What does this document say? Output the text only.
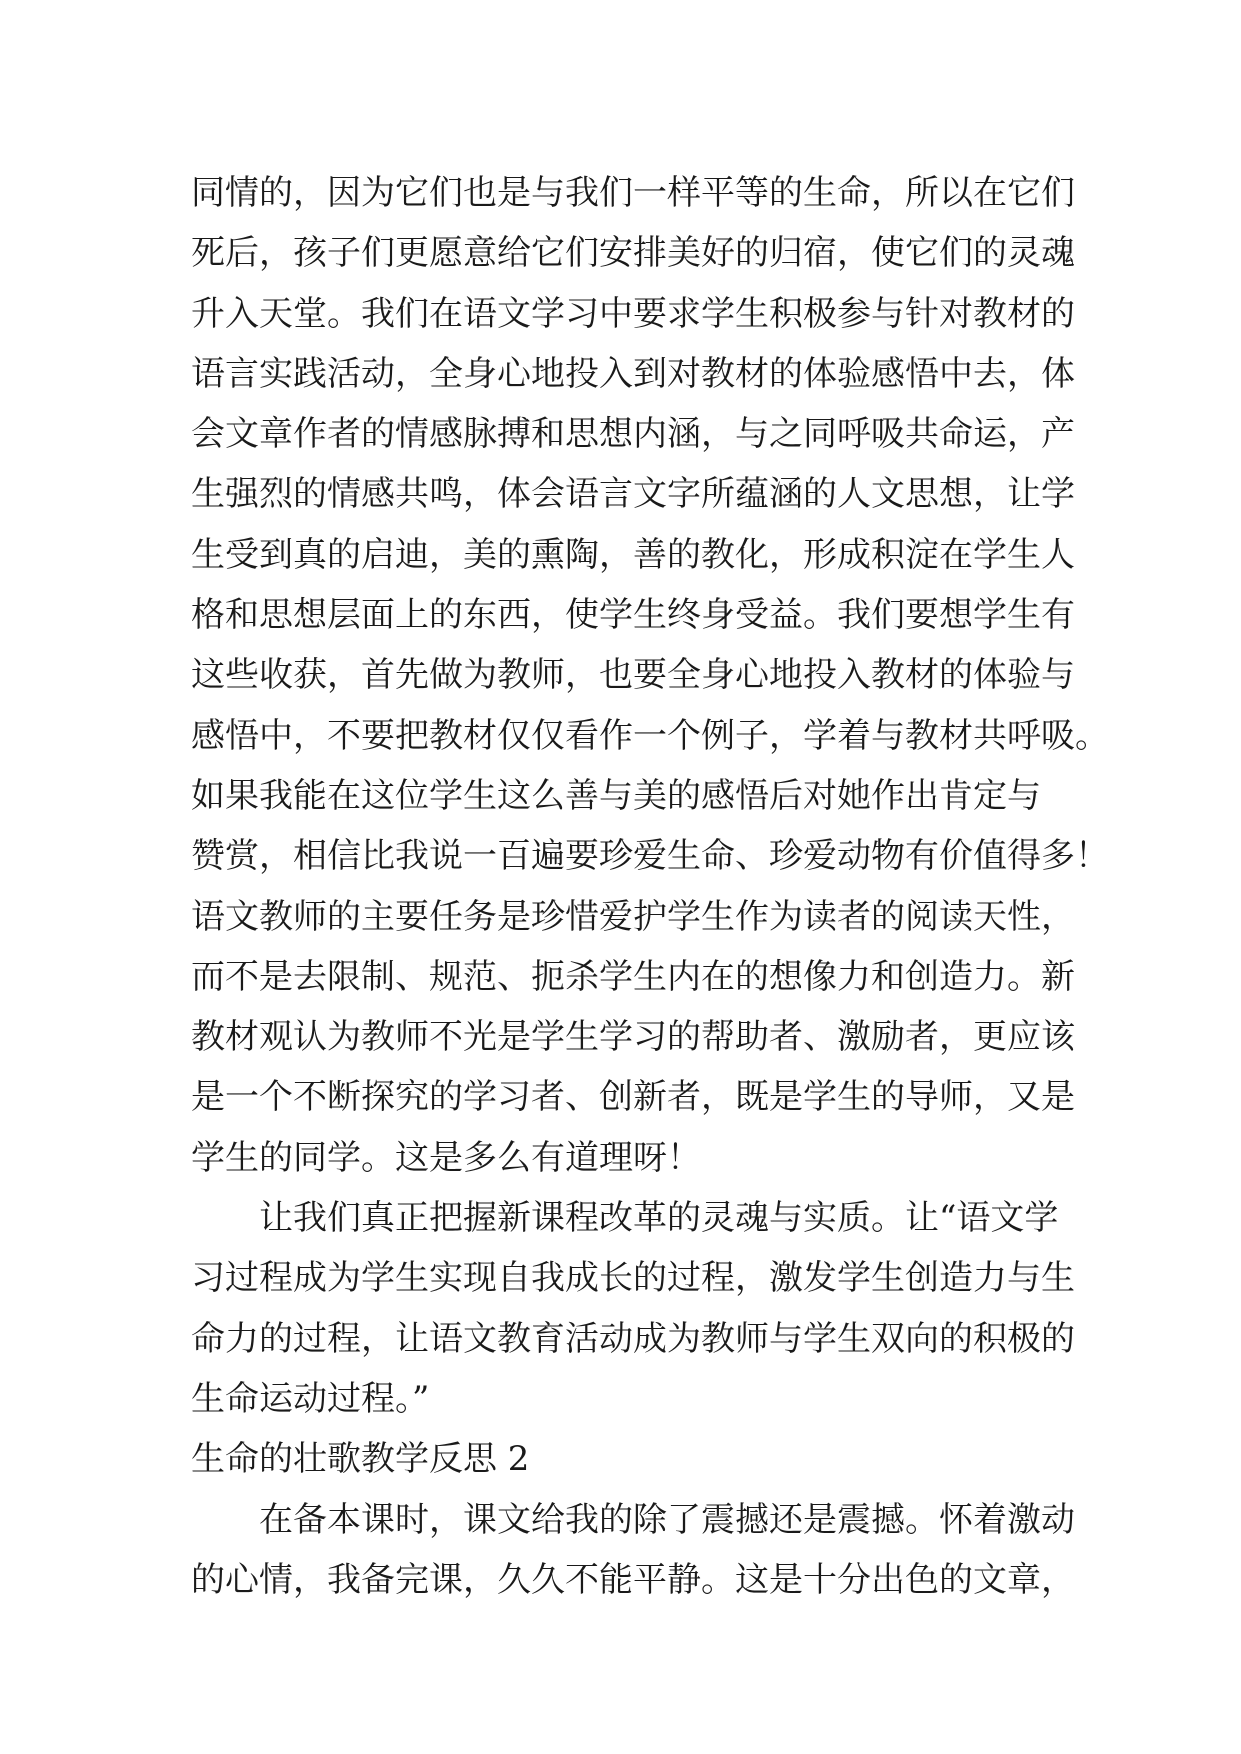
同情的，因为它们也是与我们一样平等的生命，所以在它们
死后，孩子们更愿意给它们安排美好的归宿，使它们的灵魂
升入天堂。我们在语文学习中要求学生积极参与针对教材的
语言实践活动，全身心地投入到对教材的体验感悟中去，体
会文章作者的情感脉搏和思想内涵，与之同呼吸共命运，产
生强烈的情感共鸣，体会语言文字所蕴涵的人文思想，让学
生受到真的启迪，美的熏陶，善的教化，形成积淀在学生人
格和思想层面上的东西，使学生终身受益。我们要想学生有
这些收获，首先做为教师，也要全身心地投入教材的体验与
感悟中，不要把教材仅仅看作一个例子，学着与教材共呼吸。
如果我能在这位学生这么善与美的感悟后对她作出肯定与
赞赏，相信比我说一百遍要珍爱生命、珍爱动物有价值得多！
语文教师的主要任务是珍惜爱护学生作为读者的阅读天性，
而不是去限制、规范、扼杀学生内在的想像力和创造力。新
教材观认为教师不光是学生学习的帮助者、激励者，更应该
是一个不断探究的学习者、创新者，既是学生的导师，又是
学生的同学。这是多么有道理呀！
让我们真正把握新课程改革的灵魂与实质。让“语文学
习过程成为学生实现自我成长的过程，激发学生创造力与生
命力的过程，让语文教育活动成为教师与学生双向的积极的
生命运动过程。”
生命的壮歌教学反思 2
在备本课时，课文给我的除了震撼还是震撼。怀着激动
的心情，我备完课，久久不能平静。这是十分出色的文章，
